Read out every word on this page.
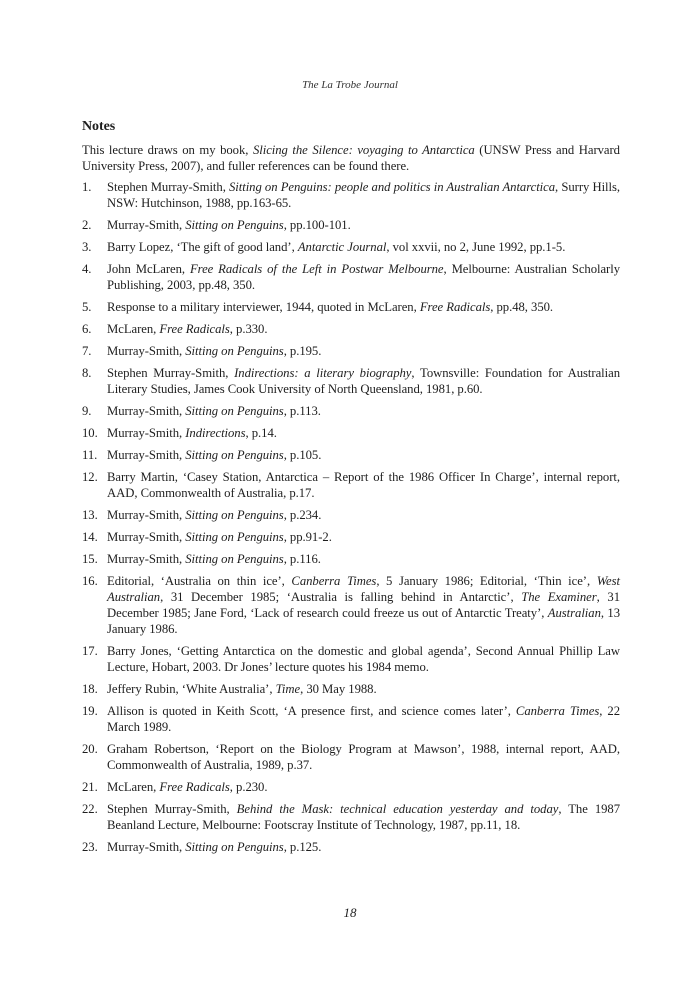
The La Trobe Journal
Notes

This lecture draws on my book, Slicing the Silence: voyaging to Antarctica (UNSW Press and Harvard University Press, 2007), and fuller references can be found there.

1. Stephen Murray-Smith, Sitting on Penguins: people and politics in Australian Antarctica, Surry Hills, NSW: Hutchinson, 1988, pp.163-65.
2. Murray-Smith, Sitting on Penguins, pp.100-101.
3. Barry Lopez, ‘The gift of good land’, Antarctic Journal, vol xxvii, no 2, June 1992, pp.1-5.
4. John McLaren, Free Radicals of the Left in Postwar Melbourne, Melbourne: Australian Scholarly Publishing, 2003, pp.48, 350.
5. Response to a military interviewer, 1944, quoted in McLaren, Free Radicals, pp.48, 350.
6. McLaren, Free Radicals, p.330.
7. Murray-Smith, Sitting on Penguins, p.195.
8. Stephen Murray-Smith, Indirections: a literary biography, Townsville: Foundation for Australian Literary Studies, James Cook University of North Queensland, 1981, p.60.
9. Murray-Smith, Sitting on Penguins, p.113.
10. Murray-Smith, Indirections, p.14.
11. Murray-Smith, Sitting on Penguins, p.105.
12. Barry Martin, ‘Casey Station, Antarctica – Report of the 1986 Officer In Charge’, internal report, AAD, Commonwealth of Australia, p.17.
13. Murray-Smith, Sitting on Penguins, p.234.
14. Murray-Smith, Sitting on Penguins, pp.91-2.
15. Murray-Smith, Sitting on Penguins, p.116.
16. Editorial, ‘Australia on thin ice’, Canberra Times, 5 January 1986; Editorial, ‘Thin ice’, West Australian, 31 December 1985; ‘Australia is falling behind in Antarctic’, The Examiner, 31 December 1985; Jane Ford, ‘Lack of research could freeze us out of Antarctic Treaty’, Australian, 13 January 1986.
17. Barry Jones, ‘Getting Antarctica on the domestic and global agenda’, Second Annual Phillip Law Lecture, Hobart, 2003. Dr Jones’ lecture quotes his 1984 memo.
18. Jeffery Rubin, ‘White Australia’, Time, 30 May 1988.
19. Allison is quoted in Keith Scott, ‘A presence first, and science comes later’, Canberra Times, 22 March 1989.
20. Graham Robertson, ‘Report on the Biology Program at Mawson’, 1988, internal report, AAD, Commonwealth of Australia, 1989, p.37.
21. McLaren, Free Radicals, p.230.
22. Stephen Murray-Smith, Behind the Mask: technical education yesterday and today, The 1987 Beanland Lecture, Melbourne: Footscray Institute of Technology, 1987, pp.11, 18.
23. Murray-Smith, Sitting on Penguins, p.125.
18
